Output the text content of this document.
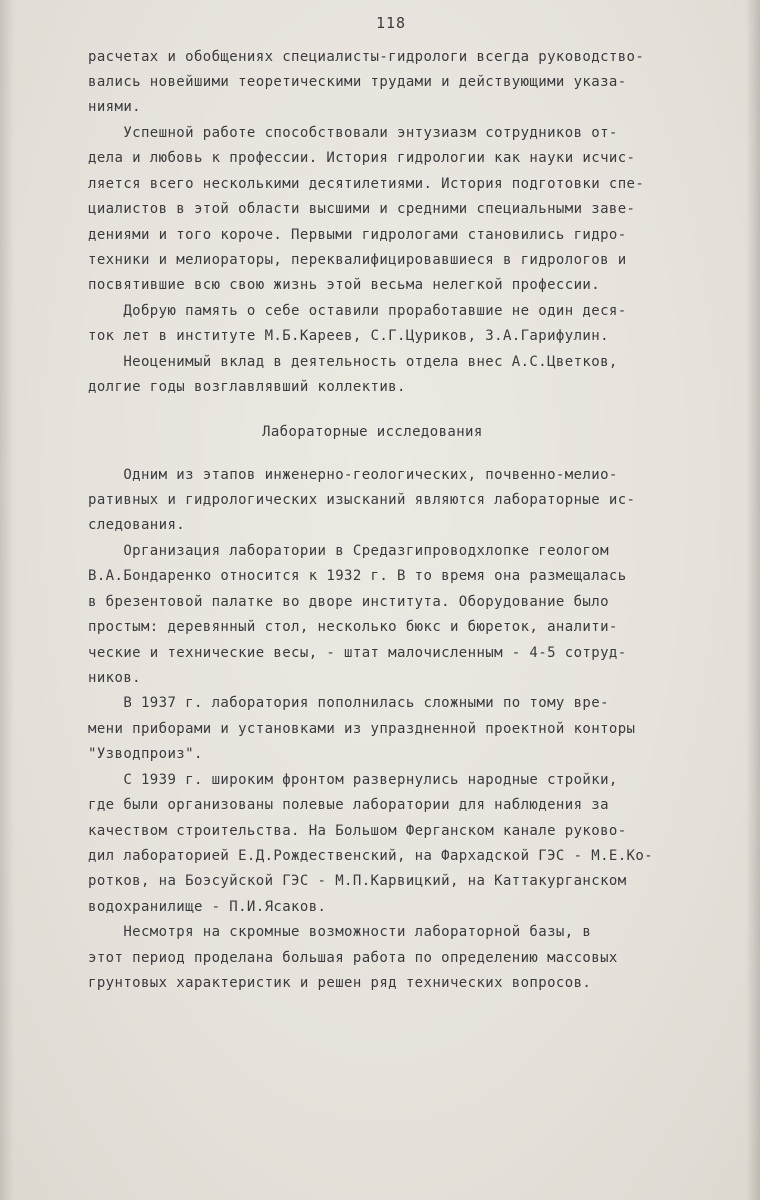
118
Лабораторные исследования
расчетах и обобщениях специалисты-гидрологи всегда руководство-
вались новейшими теоретическими трудами и действующими указа-
ниями.
Успешной работе способствовали энтузиазм сотрудников от-
дела и любовь к профессии. История гидрологии как науки исчис-
ляется всего несколькими десятилетиями. История подготовки спе-
циалистов в этой области высшими и средними специальными заве-
дениями и того короче. Первыми гидрологами становились гидро-
техники и мелиораторы, переквалифицировавшиеся в гидрологов и
посвятившие всю свою жизнь этой весьма нелегкой профессии.
Добрую память о себе оставили проработавшие не один деся-
ток лет в институте М.Б.Кареев, С.Г.Цуриков, З.А.Гарифулин.
Неоценимый вклад в деятельность отдела внес А.С.Цветков,
долгие годы возглавлявший коллектив.
Одним из этапов инженерно-геологических, почвенно-мелио-
ративных и гидрологических изысканий являются лабораторные ис-
следования.
Организация лаборатории в Средазгипроводхлопке геологом
В.А.Бондаренко относится к 1932 г. В то время она размещалась
в брезентовой палатке во дворе института. Оборудование было
простым: деревянный стол, несколько бюкс и бюреток, аналити-
ческие и технические весы, - штат малочисленным - 4-5 сотруд-
ников.
В 1937 г. лаборатория пополнилась сложными по тому вре-
мени приборами и установками из упраздненной проектной конторы
"Узводпроиз".
С 1939 г. широким фронтом развернулись народные стройки,
где были организованы полевые лаборатории для наблюдения за
качеством строительства. На Большом Ферганском канале руково-
дил лабораторией Е.Д.Рождественский, на Фархадской ГЭС - М.Е.Ко-
ротков, на Боэсуйской ГЭС - М.П.Карвицкий, на Каттакурганском
водохранилище - П.И.Ясаков.
Несмотря на скромные возможности лабораторной базы, в
этот период проделана большая работа по определению массовых
грунтовых характеристик и решен ряд технических вопросов.
